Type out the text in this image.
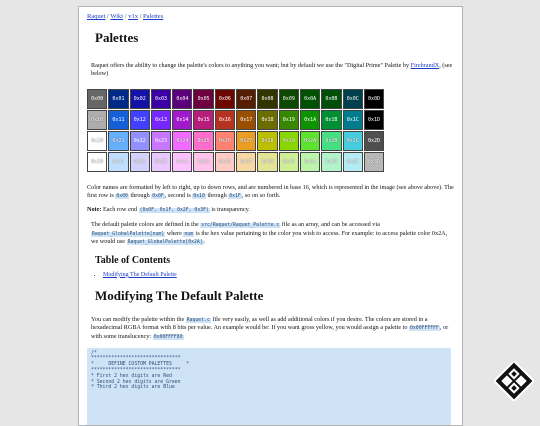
Raquet / Wiki / v1x / Palettes
Palettes

Raquet offers the ability to change the palette's colors to anything you want; but by default we use the "Digital Prime" Palette by FirebrandX, (see below)

0x00	0x01	0x02	0x03	0x04	0x05	0x06	0x07	0x08	0x09	0x0A	0x0B	0x0C	0x0D
0x10	0x11	0x12	0x13	0x14	0x15	0x16	0x17	0x18	0x19	0x1A	0x1B	0x1C	0x1D
0x20	0x21	0x22	0x23	0x24	0x25	0x26	0x27	0x28	0x29	0x2A	0x2B	0x2C	0x2D
0x30	0x31	0x32	0x33	0x34	0x35	0x36	0x37	0x38	0x39	0x3A	0x3B	0x3C	0x3D

Color names are formatted by left to right, up to down rows, and are numbered in base 16, which is represented in the image (see above above). The first row is 0x00 through 0x0F, second is 0x10 through 0x1F, so on so forth.

Note: Each row end (0x0F, 0x1F, 0x2F, 0x3F) is transparency.

The default palette colors are defined in the src/Raquet/Raquet_Palette.c file as an array, and can be accessed via Raquet_GlobalPalette[num] where num is the hex value pertaining to the color you wish to access. For example: to access palette color 0x2A, we would use Raquet_GlobalPalette[0x2A].

Table of Contents
• Modifying The Default Palette
Modifying The Default Palette

You can modify the palette within the Raquet.c file very easily, as well as add additional colors if you desire. The colors are stored in a hexadecimal RGBA format with 8 bits per value. An example would be: If you want gross yellow, you would assign a palette to 0x00FFFFFF, or with some translucency: 0x00FFFF80

/*
*******************************
*     DEFINE CUSTOM PALETTES     *
*******************************
* First 2 hex digits are Red
* Second 2 hex digits are Green
* Third 2 hex digits are Blue
